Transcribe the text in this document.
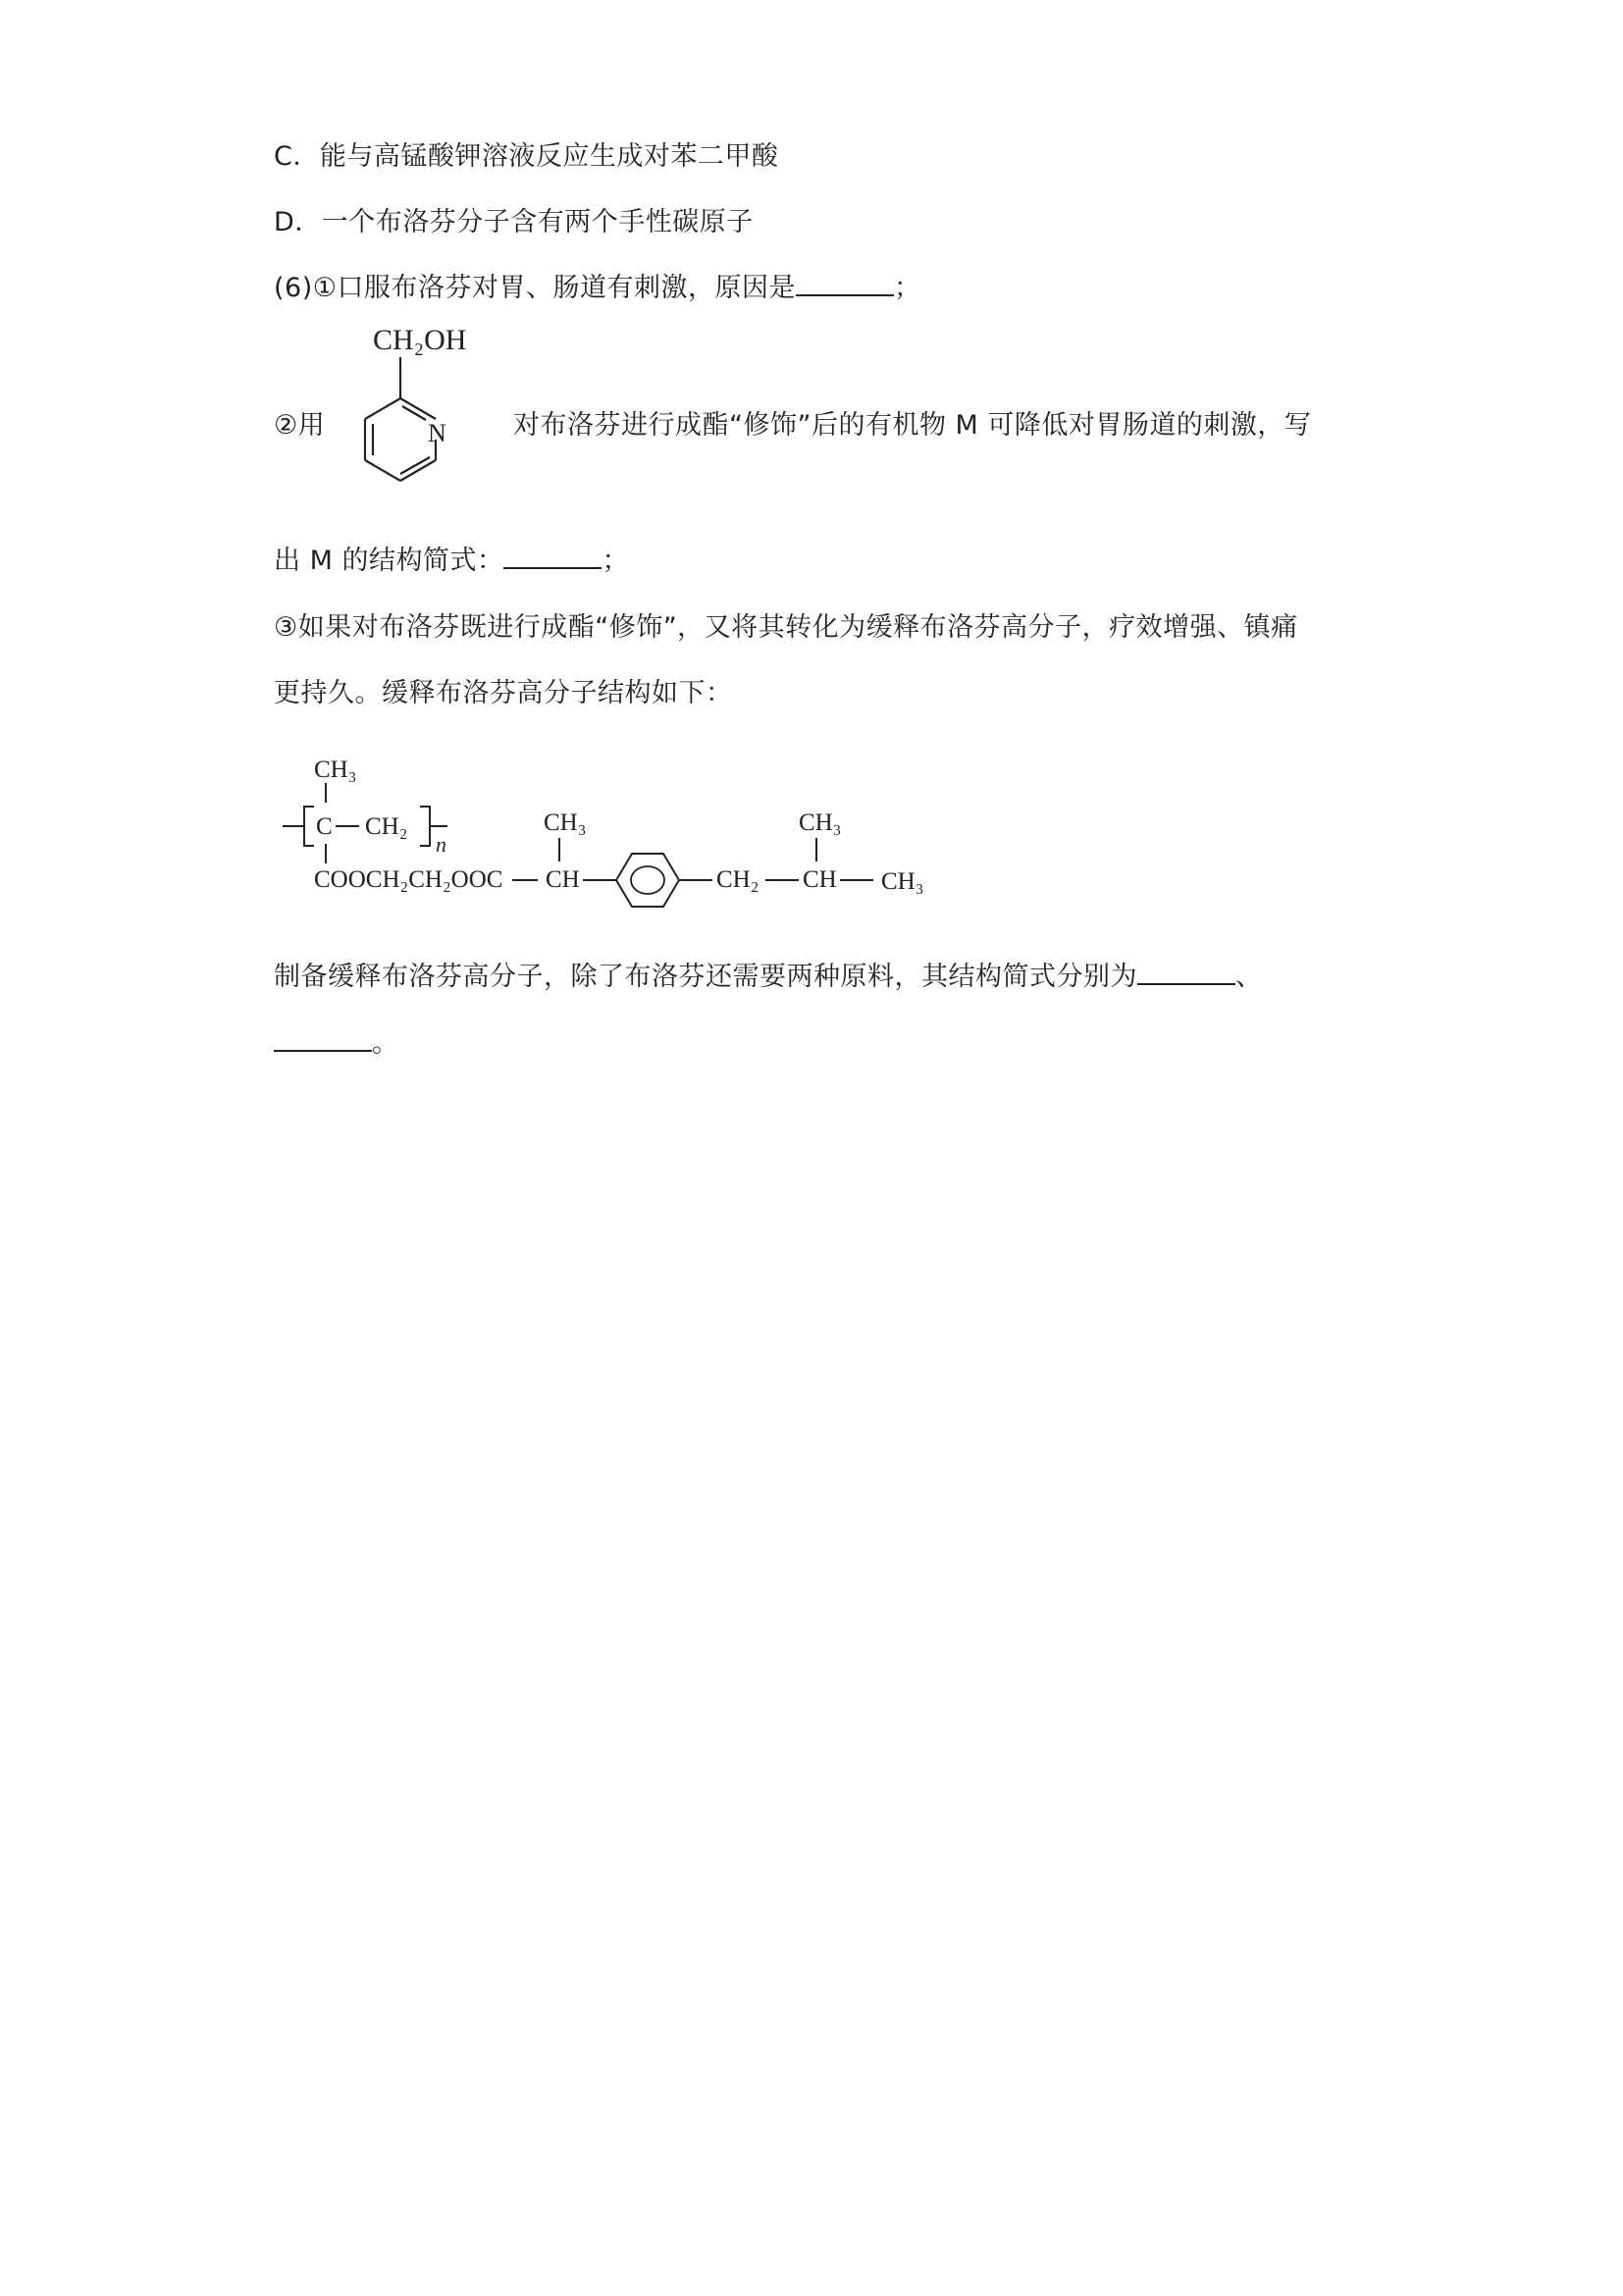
C．能与高锰酸钾溶液反应生成对苯二甲酸
D．一个布洛芬分子含有两个手性碳原子
(6)①口服布洛芬对胃、肠道有刺激，原因是	；
②用
CH₂OH
N	对布洛芬进行成酯“修饰”后的有机物 M 可降低对胃肠道的刺激，写
出 M 的结构简式：	；
③如果对布洛芬既进行成酯“修饰”，又将其转化为缓释布洛芬高分子，疗效增强、镇痛
更持久。缓释布洛芬高分子结构如下：
CH₃
C CH₂
n
COOCH₂CH₂OOC
CH₃
CH	CH₂
CH₃
CH CH₃
制备缓释布洛芬高分子，除了布洛芬还需要两种原料，其结构简式分别为	、
。
